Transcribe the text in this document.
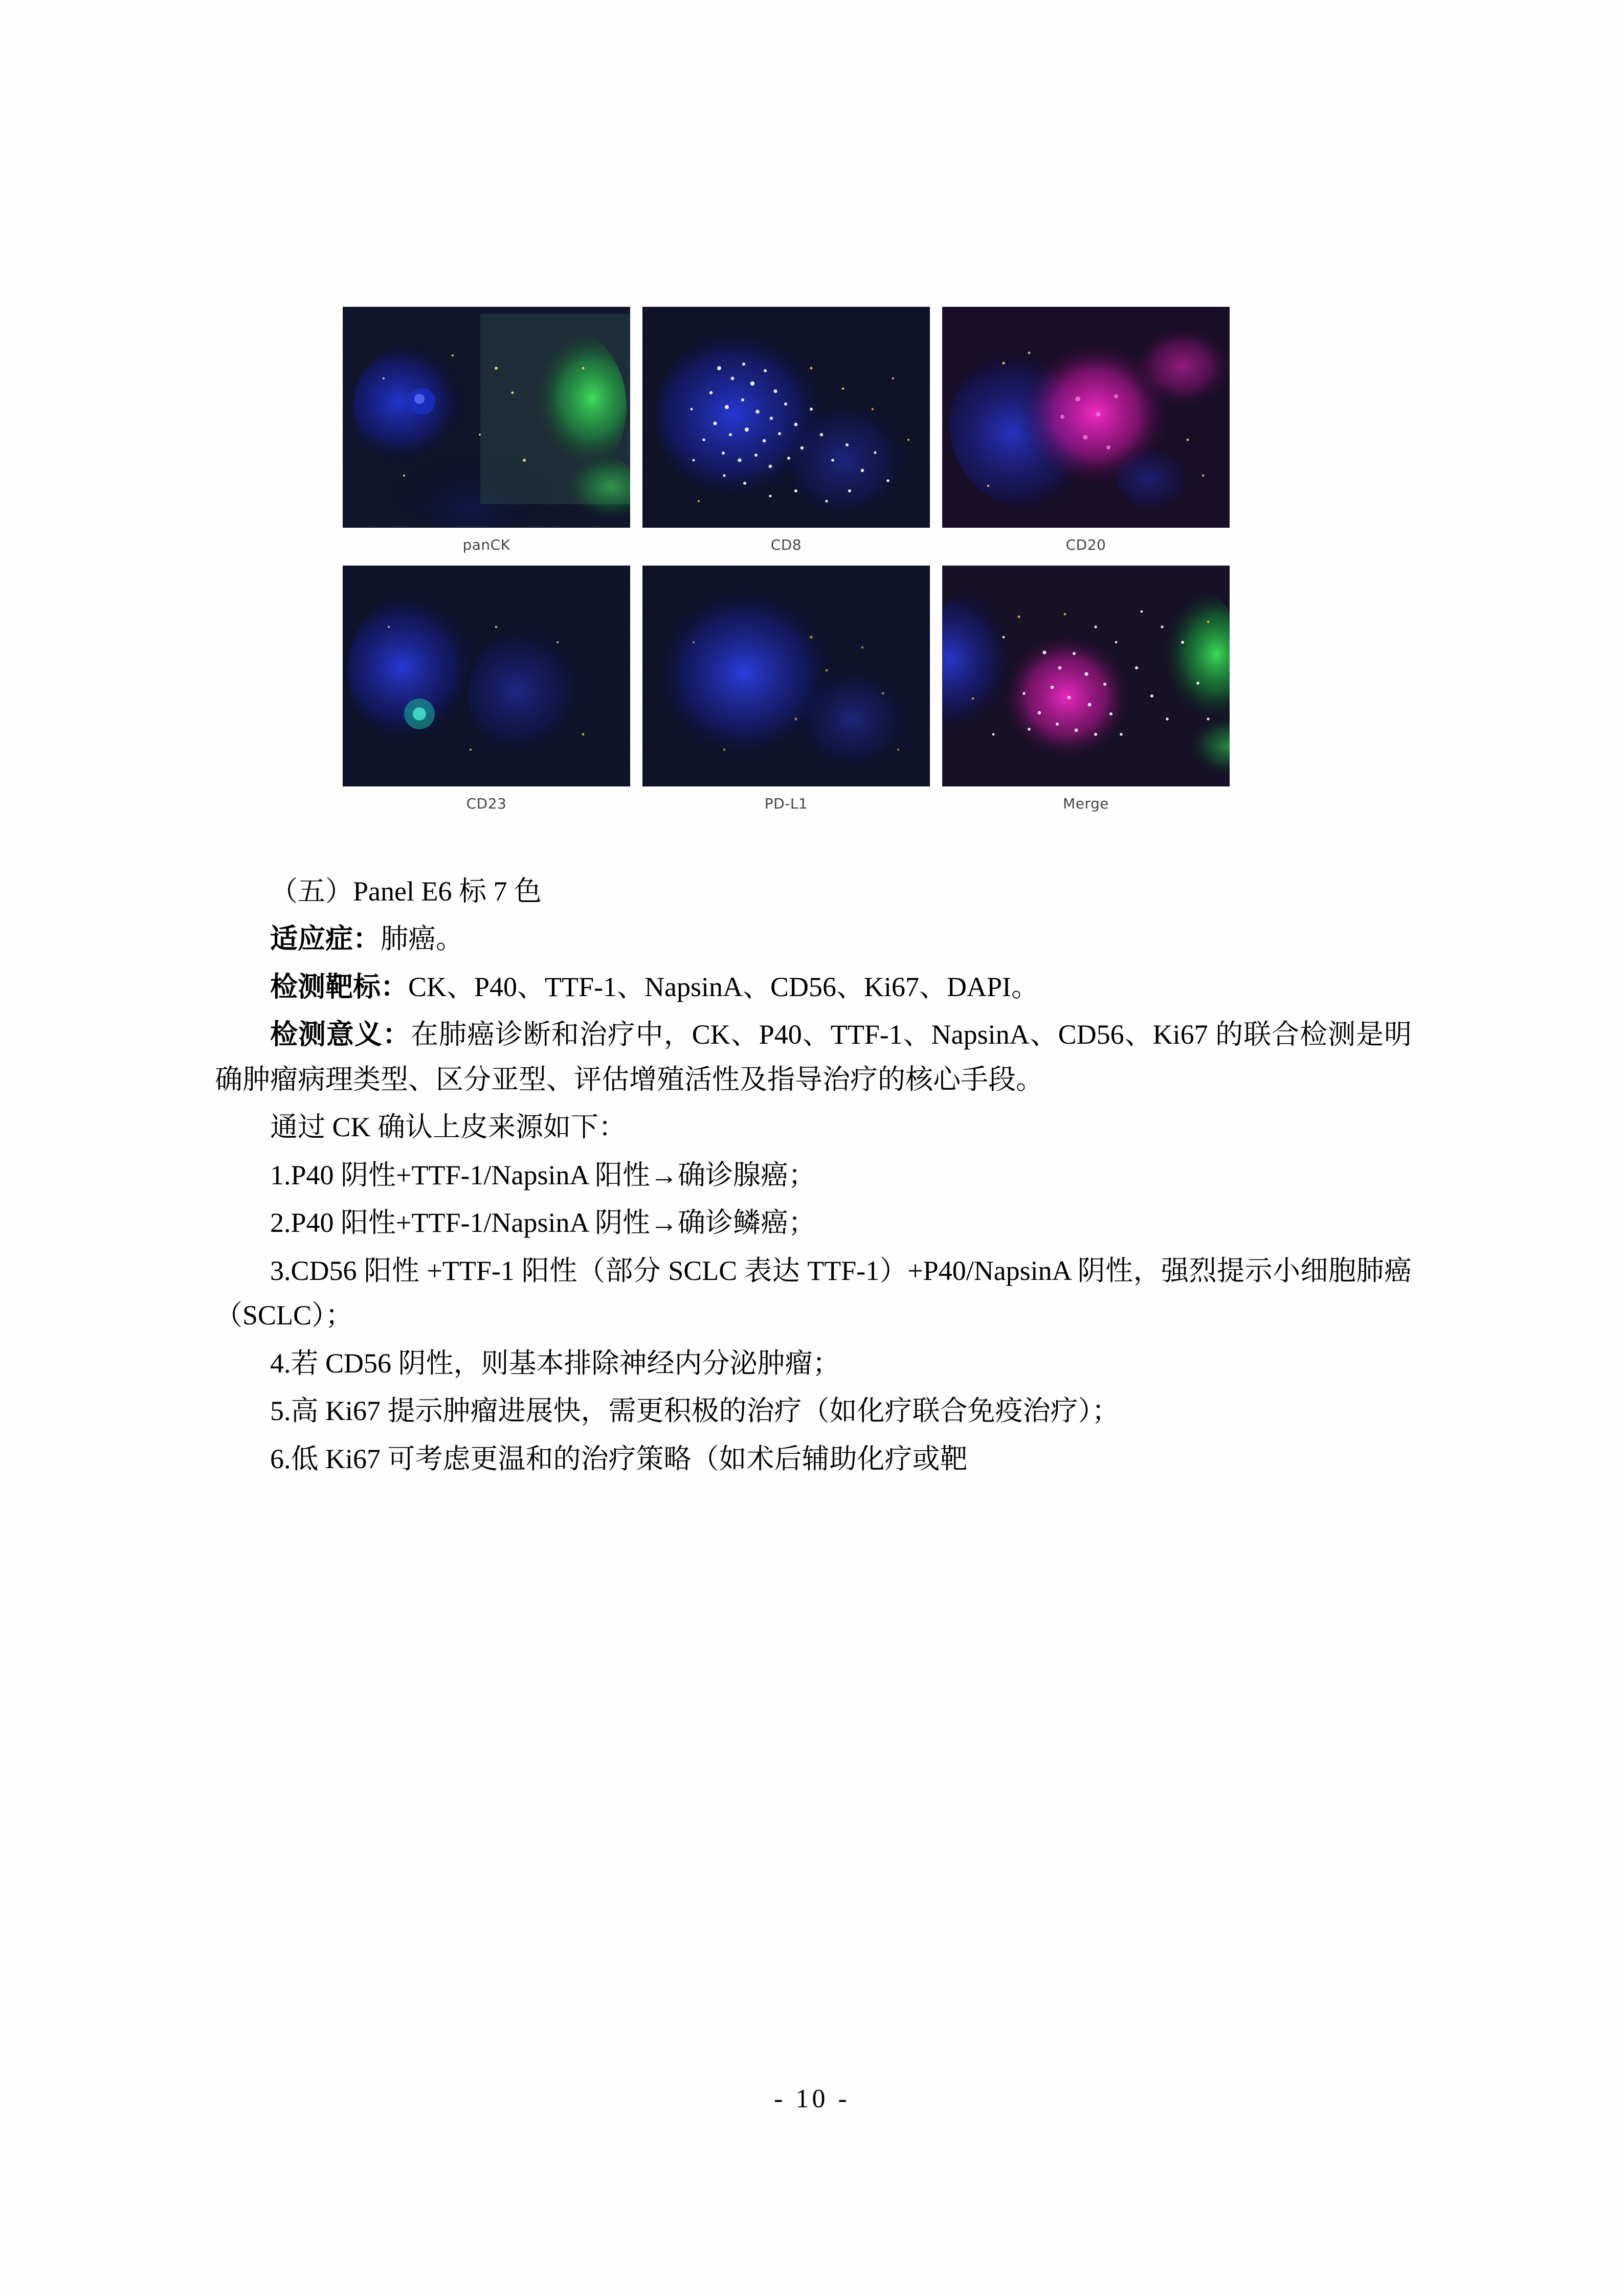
panCK	CD8	CD20
CD23	PD-L1	Merge

（五）Panel E6 标 7 色

适应症：肺癌。

检测靶标：CK、P40、TTF-1、NapsinA、CD56、Ki67、DAPI。

检测意义：在肺癌诊断和治疗中，CK、P40、TTF-1、NapsinA、CD56、Ki67 的联合检测是明确肿瘤病理类型、区分亚型、评估增殖活性及指导治疗的核心手段。

通过 CK 确认上皮来源如下：

1.P40 阴性+TTF-1/NapsinA 阳性→确诊腺癌；

2.P40 阳性+TTF-1/NapsinA 阴性→确诊鳞癌；

3.CD56 阳性 +TTF-1 阳性（部分 SCLC 表达 TTF-1）+P40/NapsinA 阴性，强烈提示小细胞肺癌（SCLC）；

4.若 CD56 阴性，则基本排除神经内分泌肿瘤；

5.高 Ki67 提示肿瘤进展快，需更积极的治疗（如化疗联合免疫治疗）；

6.低 Ki67 可考虑更温和的治疗策略（如术后辅助化疗或靶

- 10 -
